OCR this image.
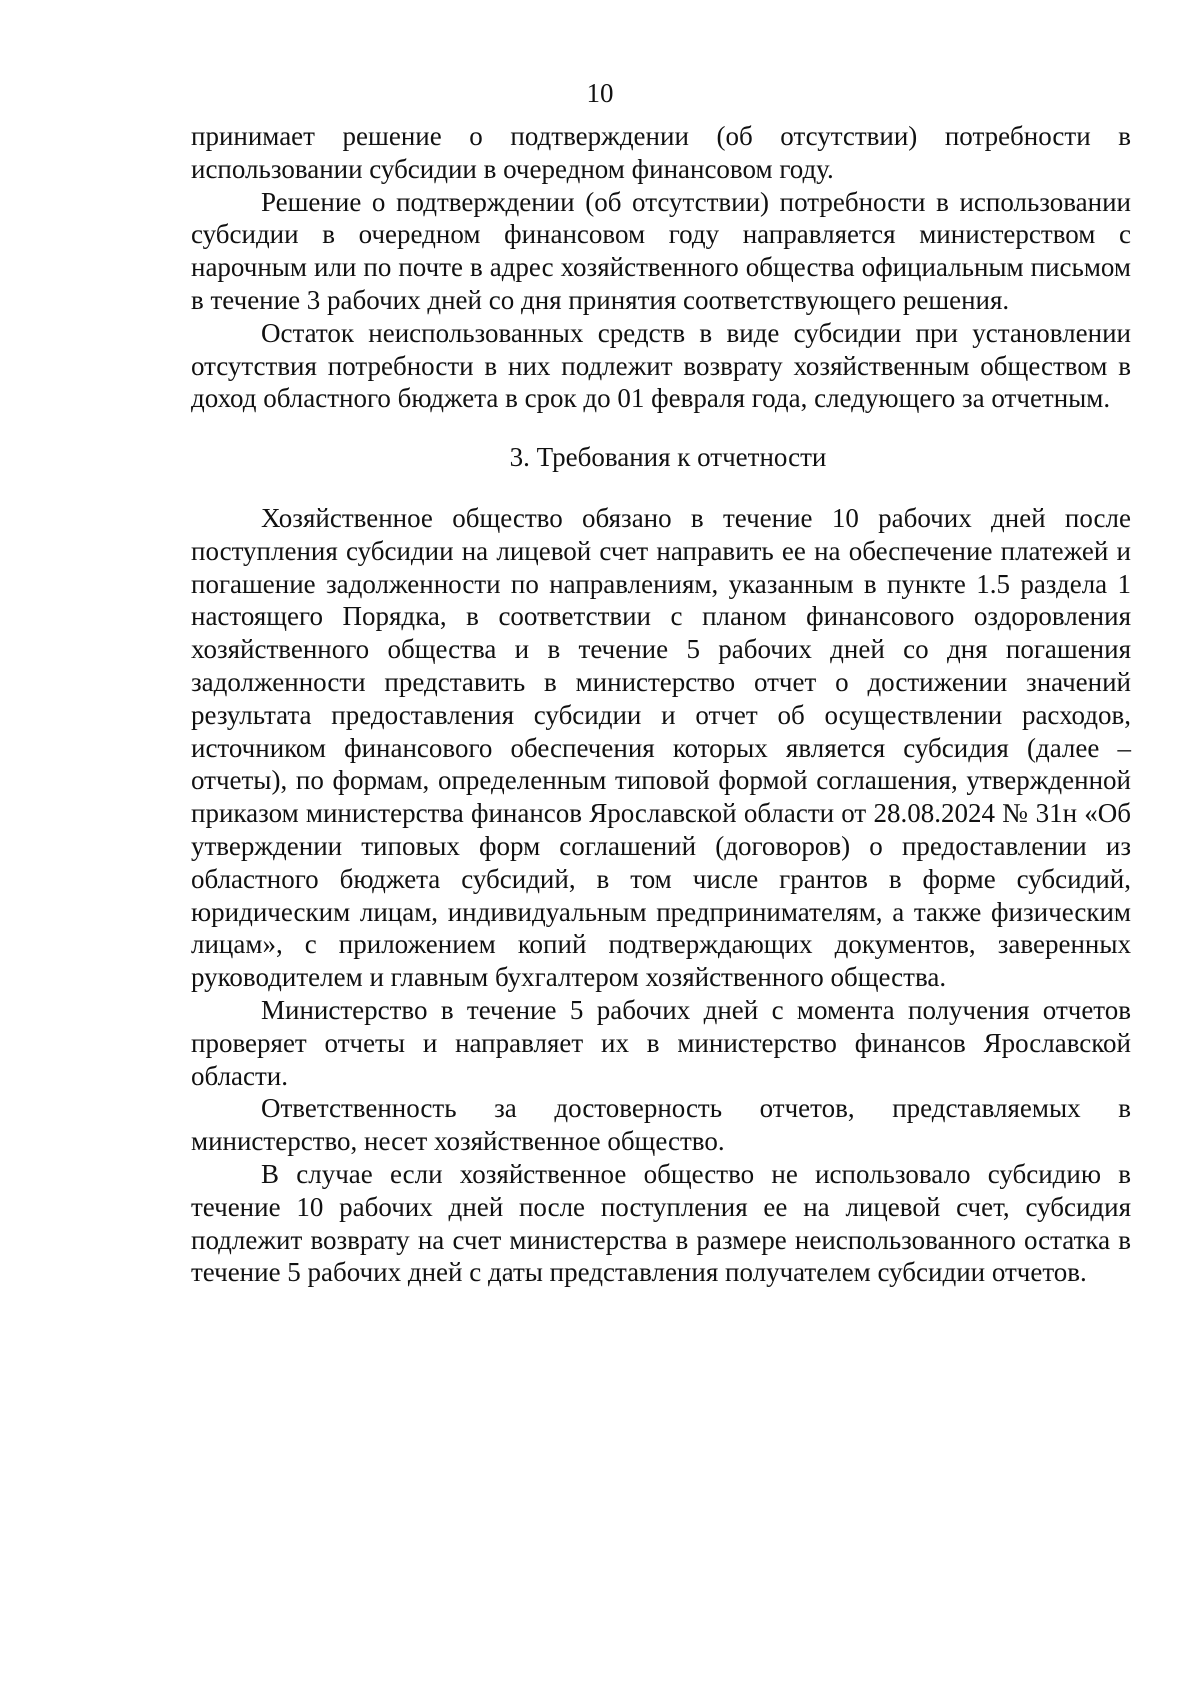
10

принимает решение о подтверждении (об отсутствии) потребности в использовании субсидии в очередном финансовом году.

Решение о подтверждении (об отсутствии) потребности в использовании субсидии в очередном финансовом году направляется министерством с нарочным или по почте в адрес хозяйственного общества официальным письмом в течение 3 рабочих дней со дня принятия соответствующего решения.

Остаток неиспользованных средств в виде субсидии при установлении отсутствия потребности в них подлежит возврату хозяйственным обществом в доход областного бюджета в срок до 01 февраля года, следующего за отчетным.

3. Требования к отчетности

Хозяйственное общество обязано в течение 10 рабочих дней после поступления субсидии на лицевой счет направить ее на обеспечение платежей и погашение задолженности по направлениям, указанным в пункте 1.5 раздела 1 настоящего Порядка, в соответствии с планом финансового оздоровления хозяйственного общества и в течение 5 рабочих дней со дня погашения задолженности представить в министерство отчет о достижении значений результата предоставления субсидии и отчет об осуществлении расходов, источником финансового обеспечения которых является субсидия (далее – отчеты), по формам, определенным типовой формой соглашения, утвержденной приказом министерства финансов Ярославской области от 28.08.2024 № 31н «Об утверждении типовых форм соглашений (договоров) о предоставлении из областного бюджета субсидий, в том числе грантов в форме субсидий, юридическим лицам, индивидуальным предпринимателям, а также физическим лицам», с приложением копий подтверждающих документов, заверенных руководителем и главным бухгалтером хозяйственного общества.

Министерство в течение 5 рабочих дней с момента получения отчетов проверяет отчеты и направляет их в министерство финансов Ярославской области.

Ответственность за достоверность отчетов, представляемых в министерство, несет хозяйственное общество.

В случае если хозяйственное общество не использовало субсидию в течение 10 рабочих дней после поступления ее на лицевой счет, субсидия подлежит возврату на счет министерства в размере неиспользованного остатка в течение 5 рабочих дней с даты представления получателем субсидии отчетов.
